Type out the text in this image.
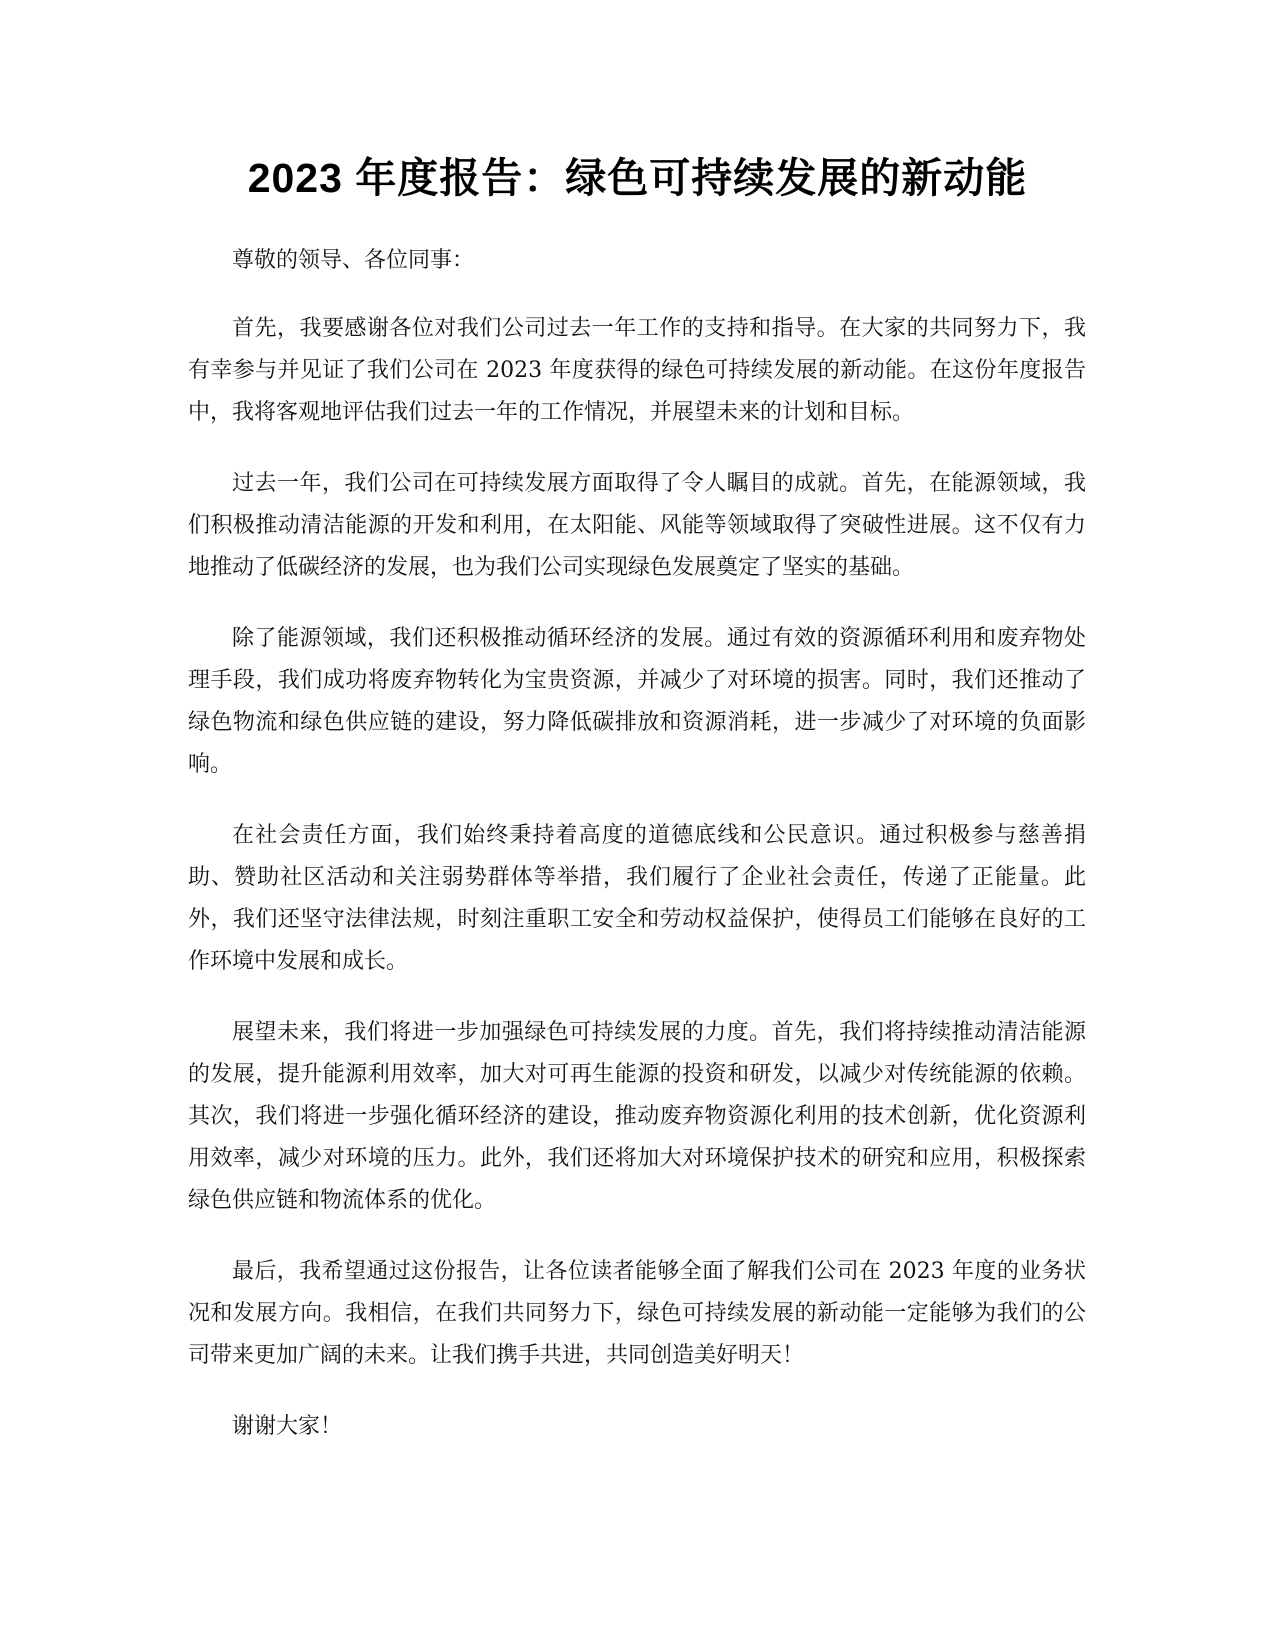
2023 年度报告：绿色可持续发展的新动能

尊敬的领导、各位同事：

首先，我要感谢各位对我们公司过去一年工作的支持和指导。在大家的共同努力下，我有幸参与并见证了我们公司在 2023 年度获得的绿色可持续发展的新动能。在这份年度报告中，我将客观地评估我们过去一年的工作情况，并展望未来的计划和目标。

过去一年，我们公司在可持续发展方面取得了令人瞩目的成就。首先，在能源领域，我们积极推动清洁能源的开发和利用，在太阳能、风能等领域取得了突破性进展。这不仅有力地推动了低碳经济的发展，也为我们公司实现绿色发展奠定了坚实的基础。

除了能源领域，我们还积极推动循环经济的发展。通过有效的资源循环利用和废弃物处理手段，我们成功将废弃物转化为宝贵资源，并减少了对环境的损害。同时，我们还推动了绿色物流和绿色供应链的建设，努力降低碳排放和资源消耗，进一步减少了对环境的负面影响。

在社会责任方面，我们始终秉持着高度的道德底线和公民意识。通过积极参与慈善捐助、赞助社区活动和关注弱势群体等举措，我们履行了企业社会责任，传递了正能量。此外，我们还坚守法律法规，时刻注重职工安全和劳动权益保护，使得员工们能够在良好的工作环境中发展和成长。

展望未来，我们将进一步加强绿色可持续发展的力度。首先，我们将持续推动清洁能源的发展，提升能源利用效率，加大对可再生能源的投资和研发，以减少对传统能源的依赖。其次，我们将进一步强化循环经济的建设，推动废弃物资源化利用的技术创新，优化资源利用效率，减少对环境的压力。此外，我们还将加大对环境保护技术的研究和应用，积极探索绿色供应链和物流体系的优化。

最后，我希望通过这份报告，让各位读者能够全面了解我们公司在 2023 年度的业务状况和发展方向。我相信，在我们共同努力下，绿色可持续发展的新动能一定能够为我们的公司带来更加广阔的未来。让我们携手共进，共同创造美好明天！

谢谢大家！
